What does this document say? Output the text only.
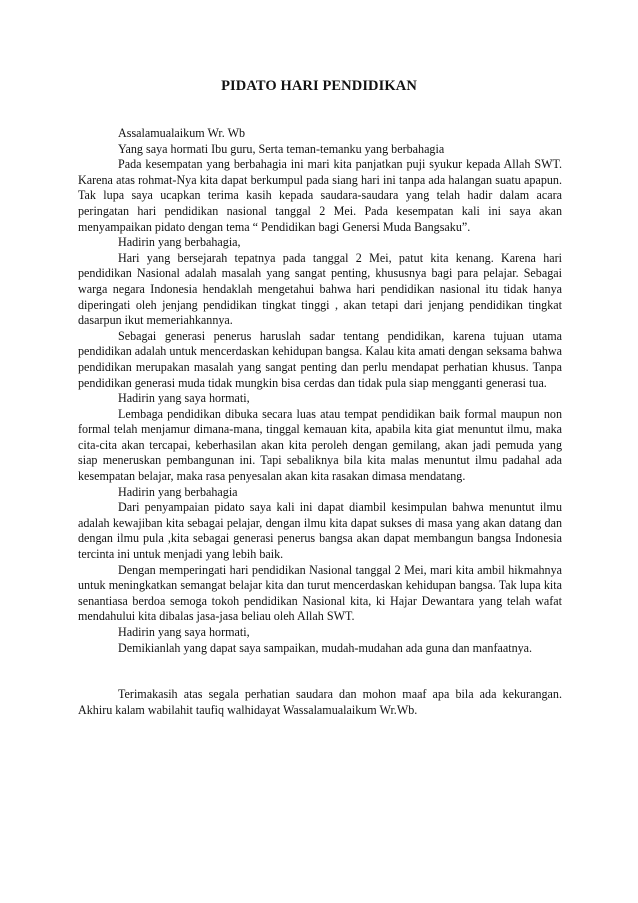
PIDATO HARI PENDIDIKAN

Assalamualaikum Wr. Wb

Yang saya hormati Ibu guru, Serta teman-temanku yang berbahagia

Pada kesempatan yang berbahagia ini mari kita panjatkan puji syukur kepada Allah SWT. Karena atas rohmat-Nya kita dapat berkumpul pada siang hari ini tanpa ada halangan suatu apapun. Tak lupa saya ucapkan terima kasih kepada saudara-saudara yang telah hadir dalam acara peringatan hari pendidikan nasional tanggal 2 Mei. Pada kesempatan kali ini saya akan menyampaikan pidato dengan tema “ Pendidikan bagi Genersi Muda Bangsaku”.

Hadirin yang berbahagia,

Hari yang bersejarah tepatnya pada tanggal 2 Mei, patut kita kenang. Karena hari pendidikan Nasional adalah masalah yang sangat penting, khususnya bagi para pelajar. Sebagai warga negara Indonesia hendaklah mengetahui bahwa hari pendidikan nasional itu tidak hanya diperingati oleh jenjang pendidikan tingkat tinggi , akan tetapi dari jenjang pendidikan tingkat dasarpun ikut memeriahkannya.

Sebagai generasi penerus haruslah sadar tentang pendidikan, karena tujuan utama pendidikan adalah untuk mencerdaskan kehidupan bangsa. Kalau kita amati dengan seksama bahwa pendidikan merupakan masalah yang sangat penting dan perlu mendapat perhatian khusus. Tanpa pendidikan generasi muda tidak mungkin bisa cerdas dan tidak pula siap mengganti generasi tua.

Hadirin yang saya hormati,

Lembaga pendidikan dibuka secara luas atau tempat pendidikan baik formal maupun non formal telah menjamur dimana-mana, tinggal kemauan kita, apabila kita giat menuntut ilmu, maka cita-cita akan tercapai, keberhasilan akan kita peroleh dengan gemilang, akan jadi pemuda yang siap meneruskan pembangunan ini. Tapi sebaliknya bila kita malas menuntut ilmu padahal ada kesempatan belajar, maka rasa penyesalan akan kita rasakan dimasa mendatang.

Hadirin yang berbahagia

Dari penyampaian pidato saya kali ini dapat diambil kesimpulan bahwa menuntut ilmu adalah kewajiban kita sebagai pelajar, dengan ilmu kita dapat sukses di masa yang akan datang dan dengan ilmu pula ,kita sebagai generasi penerus bangsa akan dapat membangun bangsa Indonesia tercinta ini untuk menjadi yang lebih baik.

Dengan memperingati hari pendidikan Nasional tanggal 2 Mei, mari kita ambil hikmahnya untuk meningkatkan semangat belajar kita dan turut mencerdaskan kehidupan bangsa. Tak lupa kita senantiasa berdoa semoga tokoh pendidikan Nasional kita, ki Hajar Dewantara yang telah wafat mendahului kita dibalas jasa-jasa beliau oleh Allah SWT.

Hadirin yang saya hormati,

Demikianlah yang dapat saya sampaikan, mudah-mudahan ada guna dan manfaatnya.

Terimakasih atas segala perhatian saudara dan mohon maaf apa bila ada kekurangan. Akhiru kalam wabilahit taufiq walhidayat Wassalamualaikum Wr.Wb.
